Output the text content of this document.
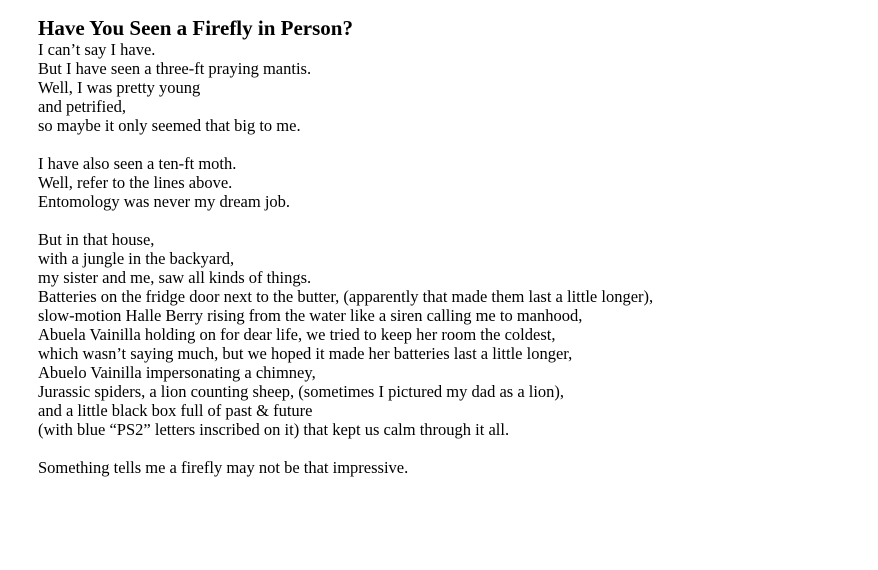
Have You Seen a Firefly in Person?
I can’t say I have.
But I have seen a three-ft praying mantis.
Well, I was pretty young
and petrified,
so maybe it only seemed that big to me.
I have also seen a ten-ft moth.
Well, refer to the lines above.
Entomology was never my dream job.
But in that house,
with a jungle in the backyard,
my sister and me, saw all kinds of things.
Batteries on the fridge door next to the butter, (apparently that made them last a little longer),
slow-motion Halle Berry rising from the water like a siren calling me to manhood,
Abuela Vainilla holding on for dear life, we tried to keep her room the coldest,
which wasn’t saying much, but we hoped it made her batteries last a little longer,
Abuelo Vainilla impersonating a chimney,
Jurassic spiders, a lion counting sheep, (sometimes I pictured my dad as a lion),
and a little black box full of past & future
(with blue “PS2” letters inscribed on it) that kept us calm through it all.
Something tells me a firefly may not be that impressive.
